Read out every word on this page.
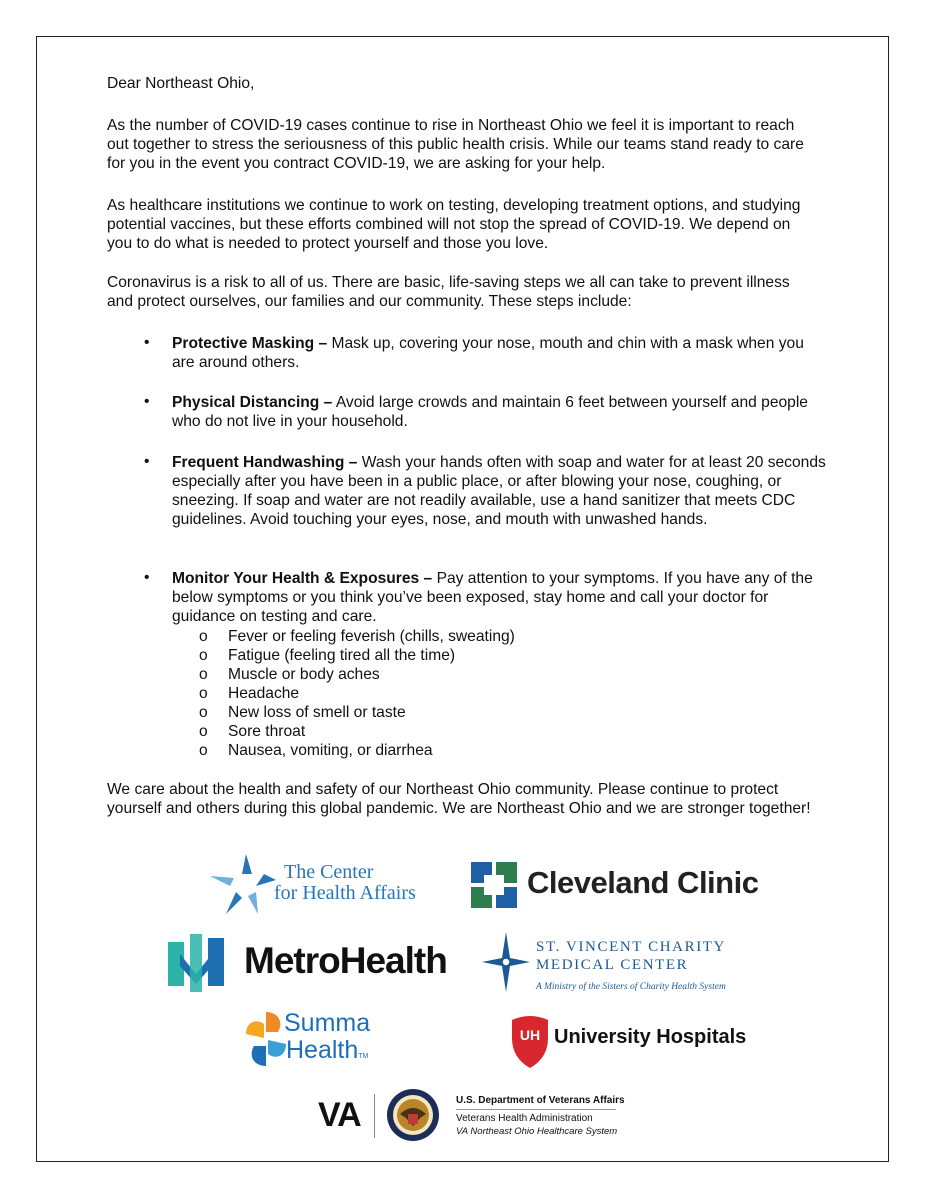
Dear Northeast Ohio,

As the number of COVID-19 cases continue to rise in Northeast Ohio we feel it is important to reach out together to stress the seriousness of this public health crisis. While our teams stand ready to care for you in the event you contract COVID-19, we are asking for your help.

As healthcare institutions we continue to work on testing, developing treatment options, and studying potential vaccines, but these efforts combined will not stop the spread of COVID-19. We depend on you to do what is needed to protect yourself and those you love.

Coronavirus is a risk to all of us. There are basic, life-saving steps we all can take to prevent illness and protect ourselves, our families and our community. These steps include:

• Protective Masking – Mask up, covering your nose, mouth and chin with a mask when you are around others.

• Physical Distancing – Avoid large crowds and maintain 6 feet between yourself and people who do not live in your household.

• Frequent Handwashing – Wash your hands often with soap and water for at least 20 seconds especially after you have been in a public place, or after blowing your nose, coughing, or sneezing. If soap and water are not readily available, use a hand sanitizer that meets CDC guidelines. Avoid touching your eyes, nose, and mouth with unwashed hands.

• Monitor Your Health & Exposures – Pay attention to your symptoms. If you have any of the below symptoms or you think you’ve been exposed, stay home and call your doctor for guidance on testing and care.

o Fever or feeling feverish (chills, sweating)
o Fatigue (feeling tired all the time)
o Muscle or body aches
o Headache
o New loss of smell or taste
o Sore throat
o Nausea, vomiting, or diarrhea

We care about the health and safety of our Northeast Ohio community. Please continue to protect yourself and others during this global pandemic. We are Northeast Ohio and we are stronger together!

The Center
for Health Affairs	Cleveland Clinic
MetroHealth	ST. VINCENT CHARITY
MEDICAL CENTER
A Ministry of the Sisters of Charity Health System
Summa
HealthTM
UH University Hospitals
VA	U.S. Department of Veterans Affairs
Veterans Health Administration
VA Northeast Ohio Healthcare System
